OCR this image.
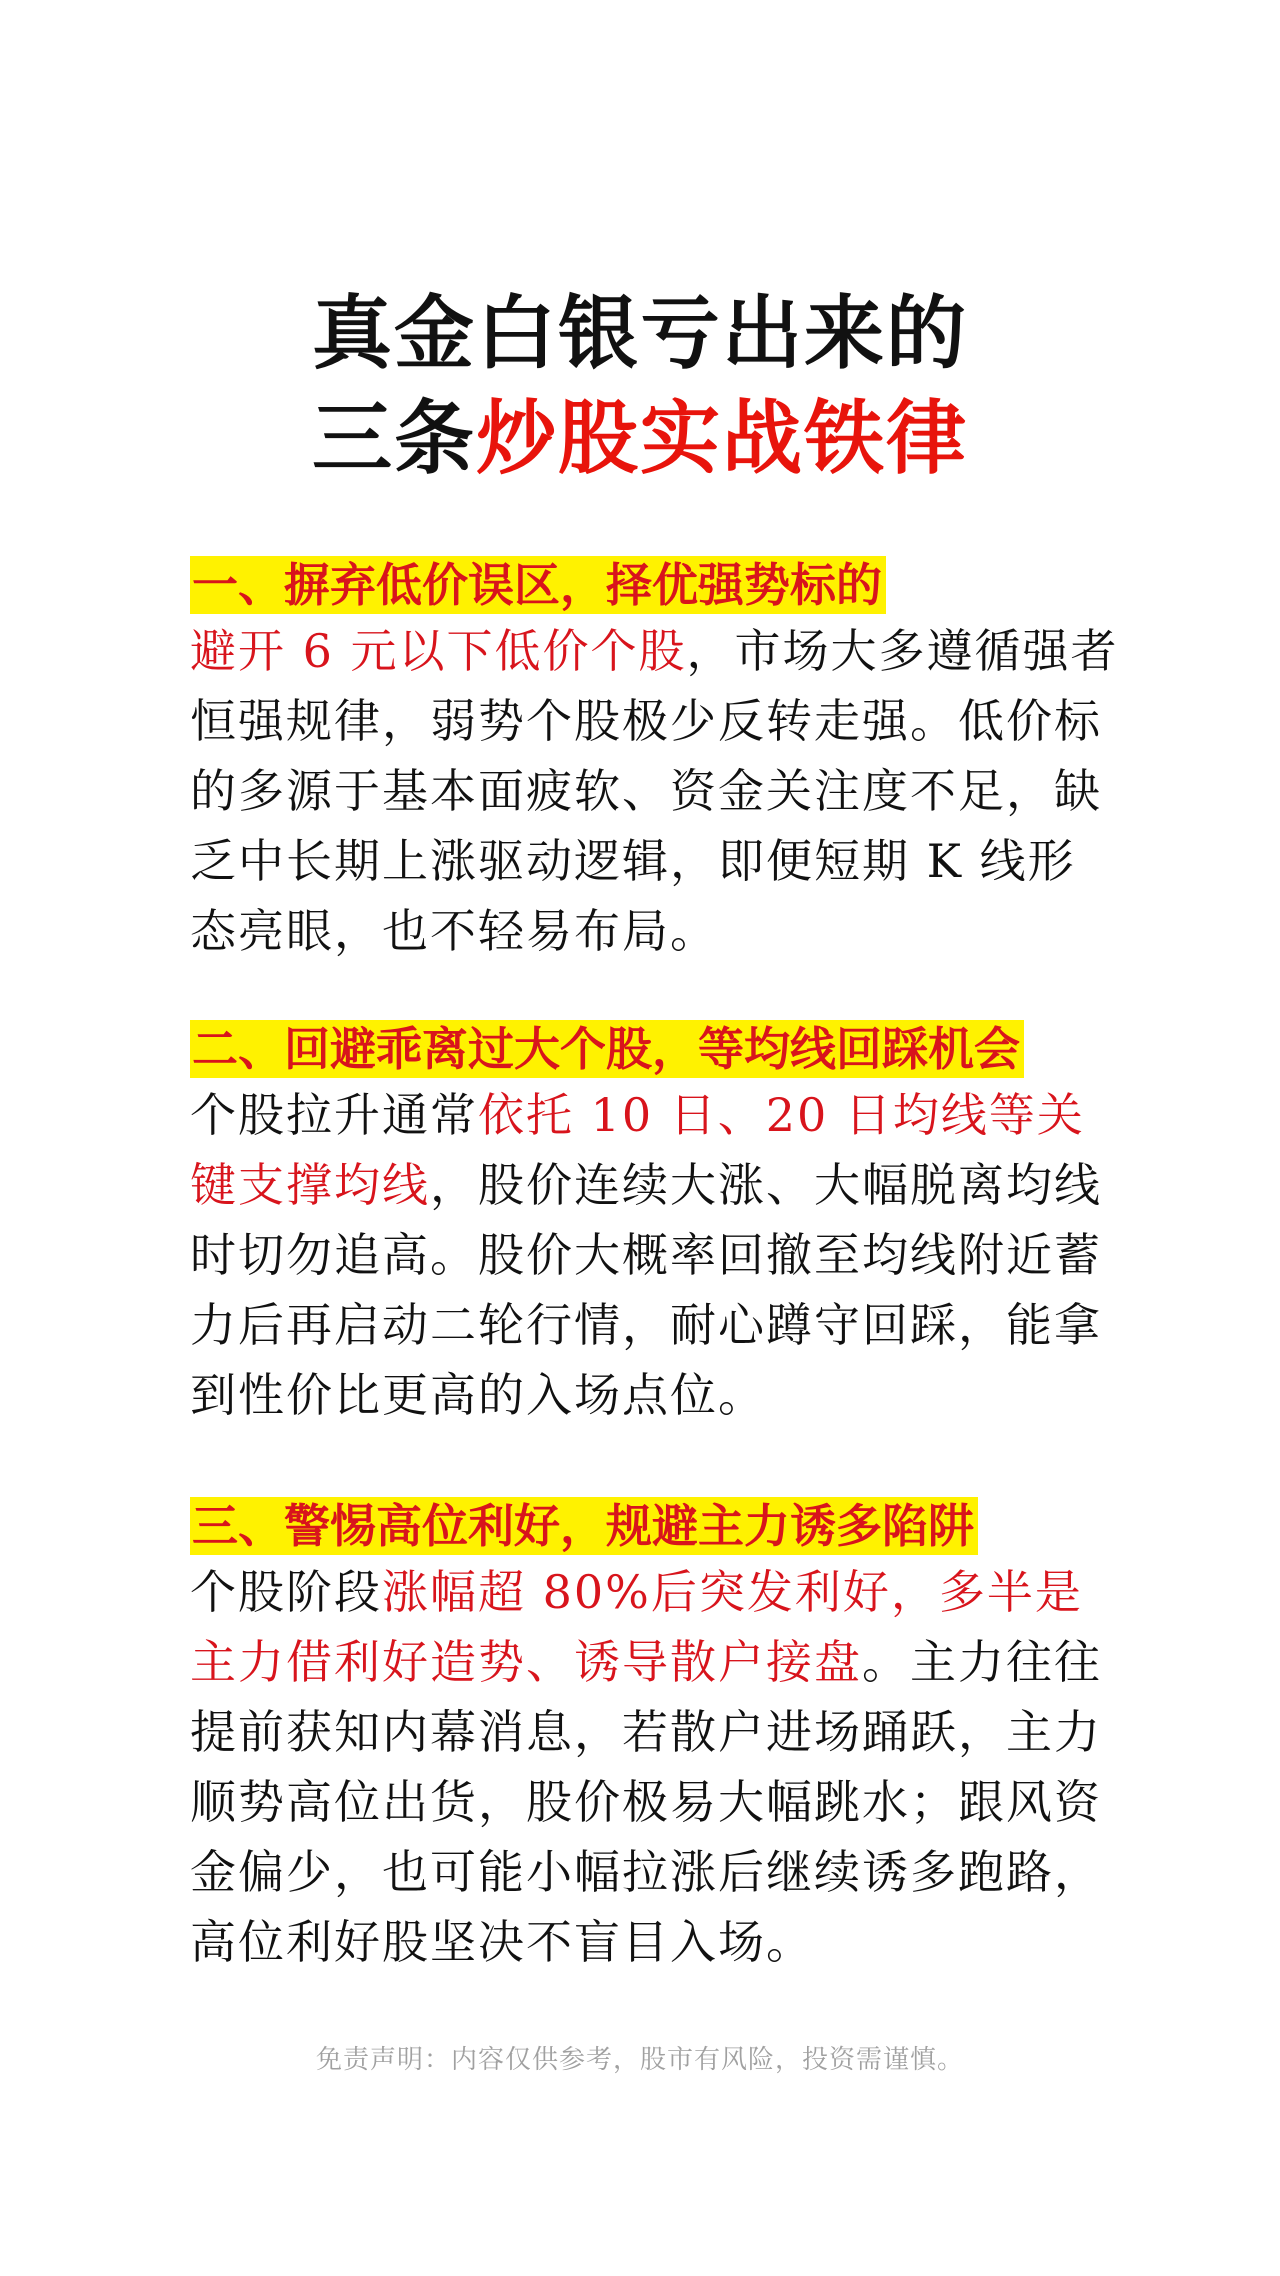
真金白银亏出来的
三条炒股实战铁律
一、摒弃低价误区，择优强势标的
避开 6 元以下低价个股，市场大多遵循强者恒强规律，弱势个股极少反转走强。低价标的多源于基本面疲软、资金关注度不足，缺乏中长期上涨驱动逻辑，即便短期 K 线形态亮眼，也不轻易布局。
二、回避乖离过大个股，等均线回踩机会
个股拉升通常依托 10 日、20 日均线等关键支撑均线，股价连续大涨、大幅脱离均线时切勿追高。股价大概率回撤至均线附近蓄力后再启动二轮行情，耐心蹲守回踩，能拿到性价比更高的入场点位。
三、警惕高位利好，规避主力诱多陷阱
个股阶段涨幅超 80%后突发利好，多半是主力借利好造势、诱导散户接盘。主力往往提前获知内幕消息，若散户进场踊跃，主力顺势高位出货，股价极易大幅跳水；跟风资金偏少，也可能小幅拉涨后继续诱多跑路，高位利好股坚决不盲目入场。
免责声明：内容仅供参考，股市有风险，投资需谨慎。
